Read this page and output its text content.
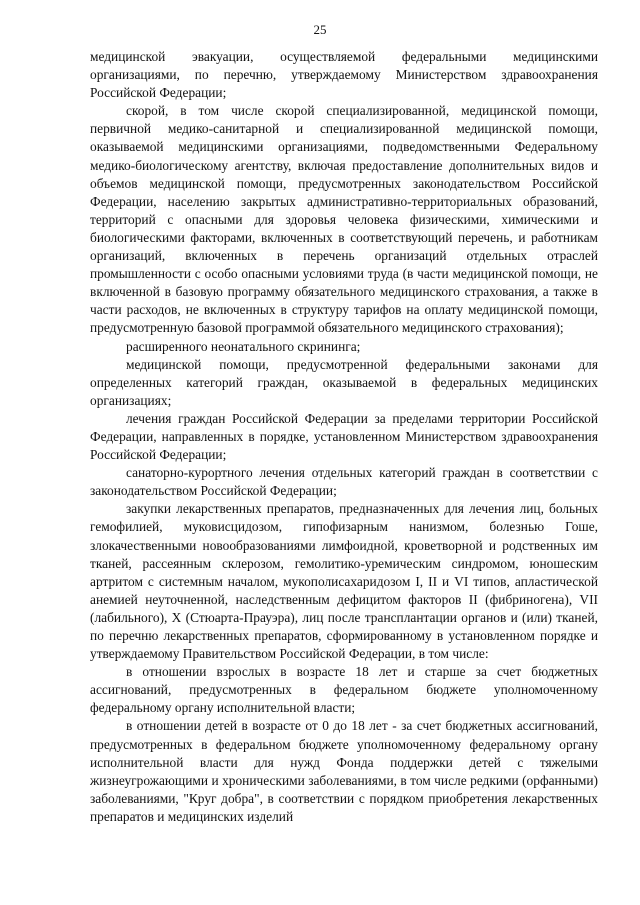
25

медицинской эвакуации, осуществляемой федеральными медицинскими организациями, по перечню, утверждаемому Министерством здравоохранения Российской Федерации;

скорой, в том числе скорой специализированной, медицинской помощи, первичной медико-санитарной и специализированной медицинской помощи, оказываемой медицинскими организациями, подведомственными Федеральному медико-биологическому агентству, включая предоставление дополнительных видов и объемов медицинской помощи, предусмотренных законодательством Российской Федерации, населению закрытых административно-территориальных образований, территорий с опасными для здоровья человека физическими, химическими и биологическими факторами, включенных в соответствующий перечень, и работникам организаций, включенных в перечень организаций отдельных отраслей промышленности с особо опасными условиями труда (в части медицинской помощи, не включенной в базовую программу обязательного медицинского страхования, а также в части расходов, не включенных в структуру тарифов на оплату медицинской помощи, предусмотренную базовой программой обязательного медицинского страхования);

расширенного неонатального скрининга;

медицинской помощи, предусмотренной федеральными законами для определенных категорий граждан, оказываемой в федеральных медицинских организациях;

лечения граждан Российской Федерации за пределами территории Российской Федерации, направленных в порядке, установленном Министерством здравоохранения Российской Федерации;

санаторно-курортного лечения отдельных категорий граждан в соответствии с законодательством Российской Федерации;

закупки лекарственных препаратов, предназначенных для лечения лиц, больных гемофилией, муковисцидозом, гипофизарным нанизмом, болезнью Гоше, злокачественными новообразованиями лимфоидной, кроветворной и родственных им тканей, рассеянным склерозом, гемолитико-уремическим синдромом, юношеским артритом с системным началом, мукополисахаридозом I, II и VI типов, апластической анемией неуточненной, наследственным дефицитом факторов II (фибриногена), VII (лабильного), X (Стюарта-Прауэра), лиц после трансплантации органов и (или) тканей, по перечню лекарственных препаратов, сформированному в установленном порядке и утверждаемому Правительством Российской Федерации, в том числе:

в отношении взрослых в возрасте 18 лет и старше за счет бюджетных ассигнований, предусмотренных в федеральном бюджете уполномоченному федеральному органу исполнительной власти;

в отношении детей в возрасте от 0 до 18 лет - за счет бюджетных ассигнований, предусмотренных в федеральном бюджете уполномоченному федеральному органу исполнительной власти для нужд Фонда поддержки детей с тяжелыми жизнеугрожающими и хроническими заболеваниями, в том числе редкими (орфанными) заболеваниями, "Круг добра", в соответствии с порядком приобретения лекарственных препаратов и медицинских изделий
